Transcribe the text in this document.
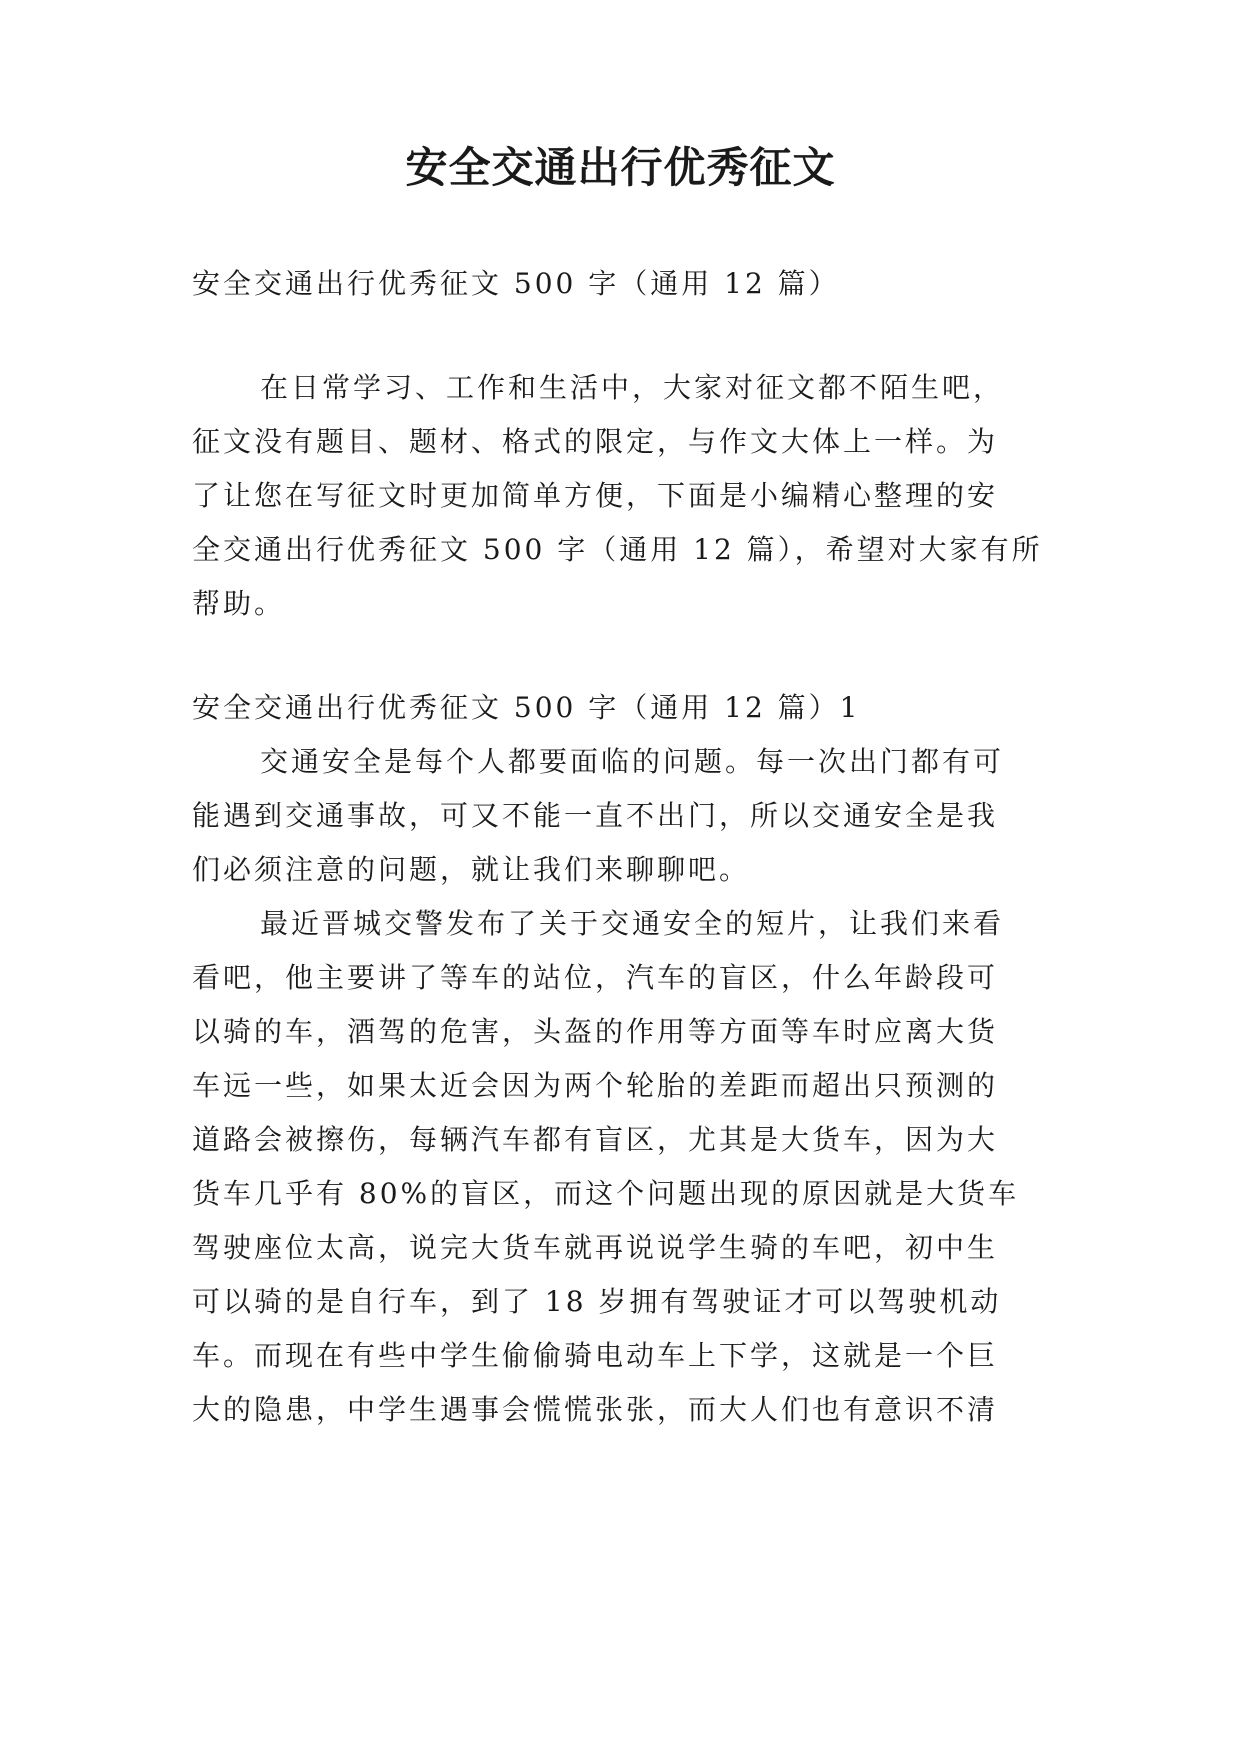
安全交通出行优秀征文
安全交通出行优秀征文 500 字（通用 12 篇）
在日常学习、工作和生活中，大家对征文都不陌生吧，
征文没有题目、题材、格式的限定，与作文大体上一样。为
了让您在写征文时更加简单方便，下面是小编精心整理的安
全交通出行优秀征文 500 字（通用 12 篇），希望对大家有所
帮助。
安全交通出行优秀征文 500 字（通用 12 篇）1
交通安全是每个人都要面临的问题。每一次出门都有可
能遇到交通事故，可又不能一直不出门，所以交通安全是我
们必须注意的问题，就让我们来聊聊吧。
最近晋城交警发布了关于交通安全的短片，让我们来看
看吧，他主要讲了等车的站位，汽车的盲区，什么年龄段可
以骑的车，酒驾的危害，头盔的作用等方面等车时应离大货
车远一些，如果太近会因为两个轮胎的差距而超出只预测的
道路会被擦伤，每辆汽车都有盲区，尤其是大货车，因为大
货车几乎有 80%的盲区，而这个问题出现的原因就是大货车
驾驶座位太高，说完大货车就再说说学生骑的车吧，初中生
可以骑的是自行车，到了 18 岁拥有驾驶证才可以驾驶机动
车。而现在有些中学生偷偷骑电动车上下学，这就是一个巨
大的隐患，中学生遇事会慌慌张张，而大人们也有意识不清
